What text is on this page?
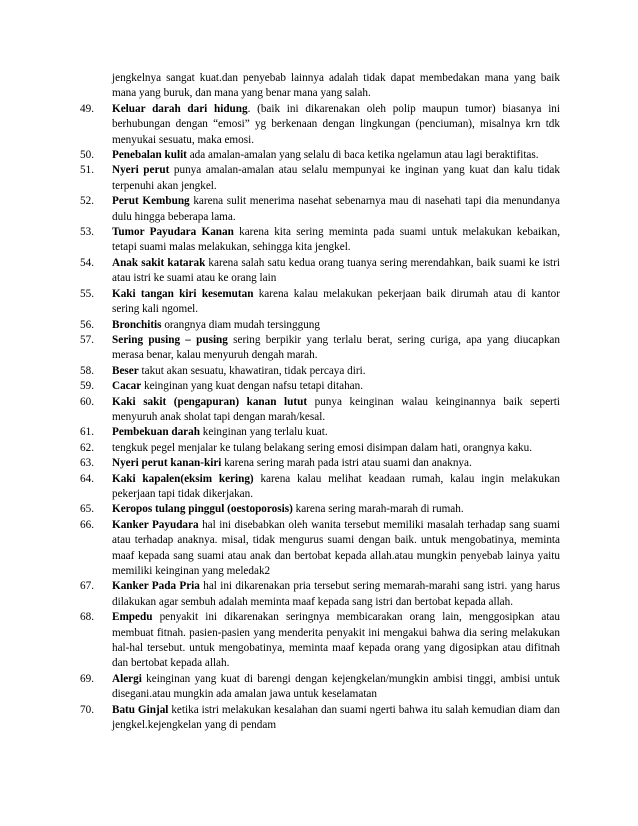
jengkelnya sangat kuat.dan penyebab lainnya adalah tidak dapat membedakan mana yang baik mana yang buruk, dan mana yang benar mana yang salah.
49. Keluar darah dari hidung. (baik ini dikarenakan oleh polip maupun tumor) biasanya ini berhubungan dengan “emosi” yg berkenaan dengan lingkungan (penciuman), misalnya krn tdk menyukai sesuatu, maka emosi.
50. Penebalan kulit ada amalan-amalan yang selalu di baca ketika ngelamun atau lagi beraktifitas.
51. Nyeri perut punya amalan-amalan atau selalu mempunyai ke inginan yang kuat dan kalu tidak terpenuhi akan jengkel.
52. Perut Kembung karena sulit menerima nasehat sebenarnya mau di nasehati tapi dia menundanya dulu hingga beberapa lama.
53. Tumor Payudara Kanan karena kita sering meminta pada suami untuk melakukan kebaikan, tetapi suami malas melakukan, sehingga kita jengkel.
54. Anak sakit katarak karena salah satu kedua orang tuanya sering merendahkan, baik suami ke istri atau istri ke suami atau ke orang lain
55. Kaki tangan kiri kesemutan karena kalau melakukan pekerjaan baik dirumah atau di kantor sering kali ngomel.
56. Bronchitis orangnya diam mudah tersinggung
57. Sering pusing – pusing sering berpikir yang terlalu berat, sering curiga, apa yang diucapkan merasa benar, kalau menyuruh dengah marah.
58. Beser takut akan sesuatu, khawatiran, tidak percaya diri.
59. Cacar keinginan yang kuat dengan nafsu tetapi ditahan.
60. Kaki sakit (pengapuran) kanan lutut punya keinginan walau keinginannya baik seperti menyuruh anak sholat tapi dengan marah/kesal.
61. Pembekuan darah keinginan yang terlalu kuat.
62. tengkuk pegel menjalar ke tulang belakang sering emosi disimpan dalam hati, orangnya kaku.
63. Nyeri perut kanan-kiri karena sering marah pada istri atau suami dan anaknya.
64. Kaki kapalen(eksim kering) karena kalau melihat keadaan rumah, kalau ingin melakukan pekerjaan tapi tidak dikerjakan.
65. Keropos tulang pinggul (oestoporosis) karena sering marah-marah di rumah.
66. Kanker Payudara hal ini disebabkan oleh wanita tersebut memiliki masalah terhadap sang suami atau terhadap anaknya. misal, tidak mengurus suami dengan baik. untuk mengobatinya, meminta maaf kepada sang suami atau anak dan bertobat kepada allah.atau mungkin penyebab lainya yaitu memiliki keinginan yang meledak2
67. Kanker Pada Pria hal ini dikarenakan pria tersebut sering memarah-marahi sang istri. yang harus dilakukan agar sembuh adalah meminta maaf kepada sang istri dan bertobat kepada allah.
68. Empedu penyakit ini dikarenakan seringnya membicarakan orang lain, menggosipkan atau membuat fitnah. pasien-pasien yang menderita penyakit ini mengakui bahwa dia sering melakukan hal-hal tersebut. untuk mengobatinya, meminta maaf kepada orang yang digosipkan atau difitnah dan bertobat kepada allah.
69. Alergi keinginan yang kuat di barengi dengan kejengkelan/mungkin ambisi tinggi, ambisi untuk disegani.atau mungkin ada amalan jawa untuk keselamatan
70. Batu Ginjal ketika istri melakukan kesalahan dan suami ngerti bahwa itu salah kemudian diam dan jengkel.kejengkelan yang di pendam
